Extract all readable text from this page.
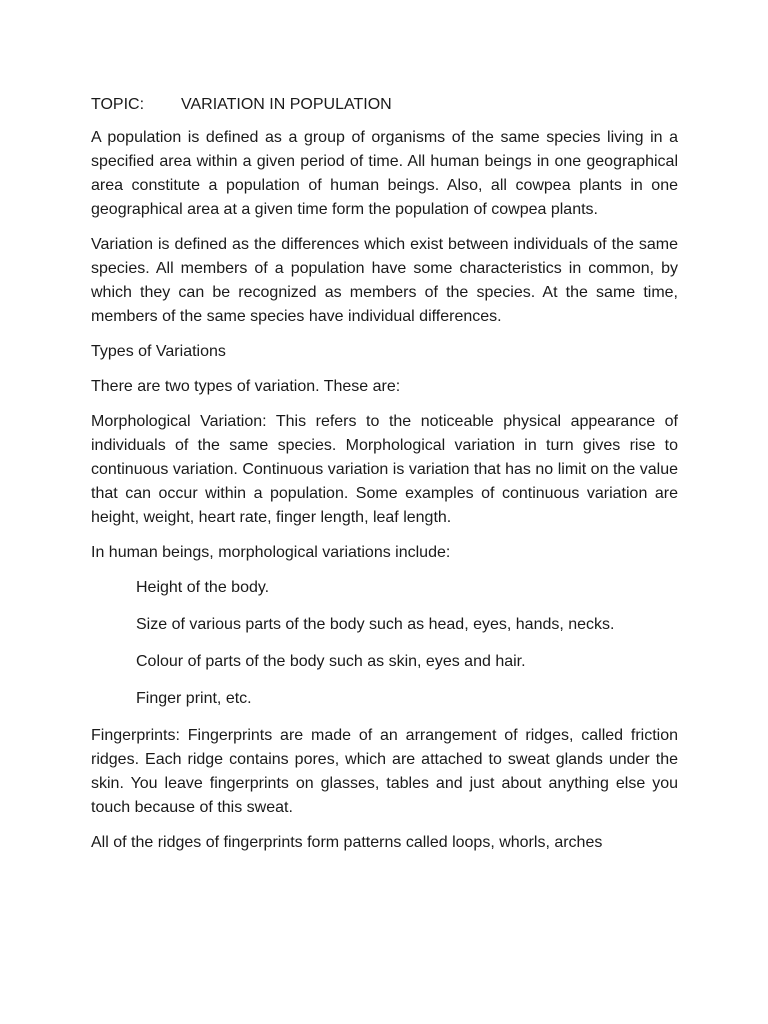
TOPIC: VARIATION IN POPULATION

A population is defined as a group of organisms of the same species living in a specified area within a given period of time. All human beings in one geographical area constitute a population of human beings. Also, all cowpea plants in one geographical area at a given time form the population of cowpea plants.

Variation is defined as the differences which exist between individuals of the same species. All members of a population have some characteristics in common, by which they can be recognized as members of the species. At the same time, members of the same species have individual differences.

Types of Variations

There are two types of variation. These are:

Morphological Variation: This refers to the noticeable physical appearance of individuals of the same species. Morphological variation in turn gives rise to continuous variation. Continuous variation is variation that has no limit on the value that can occur within a population. Some examples of continuous variation are height, weight, heart rate, finger length, leaf length.

In human beings, morphological variations include:

Height of the body.
Size of various parts of the body such as head, eyes, hands, necks.
Colour of parts of the body such as skin, eyes and hair.
Finger print, etc.

Fingerprints: Fingerprints are made of an arrangement of ridges, called friction ridges. Each ridge contains pores, which are attached to sweat glands under the skin. You leave fingerprints on glasses, tables and just about anything else you touch because of this sweat.

All of the ridges of fingerprints form patterns called loops, whorls, arches
